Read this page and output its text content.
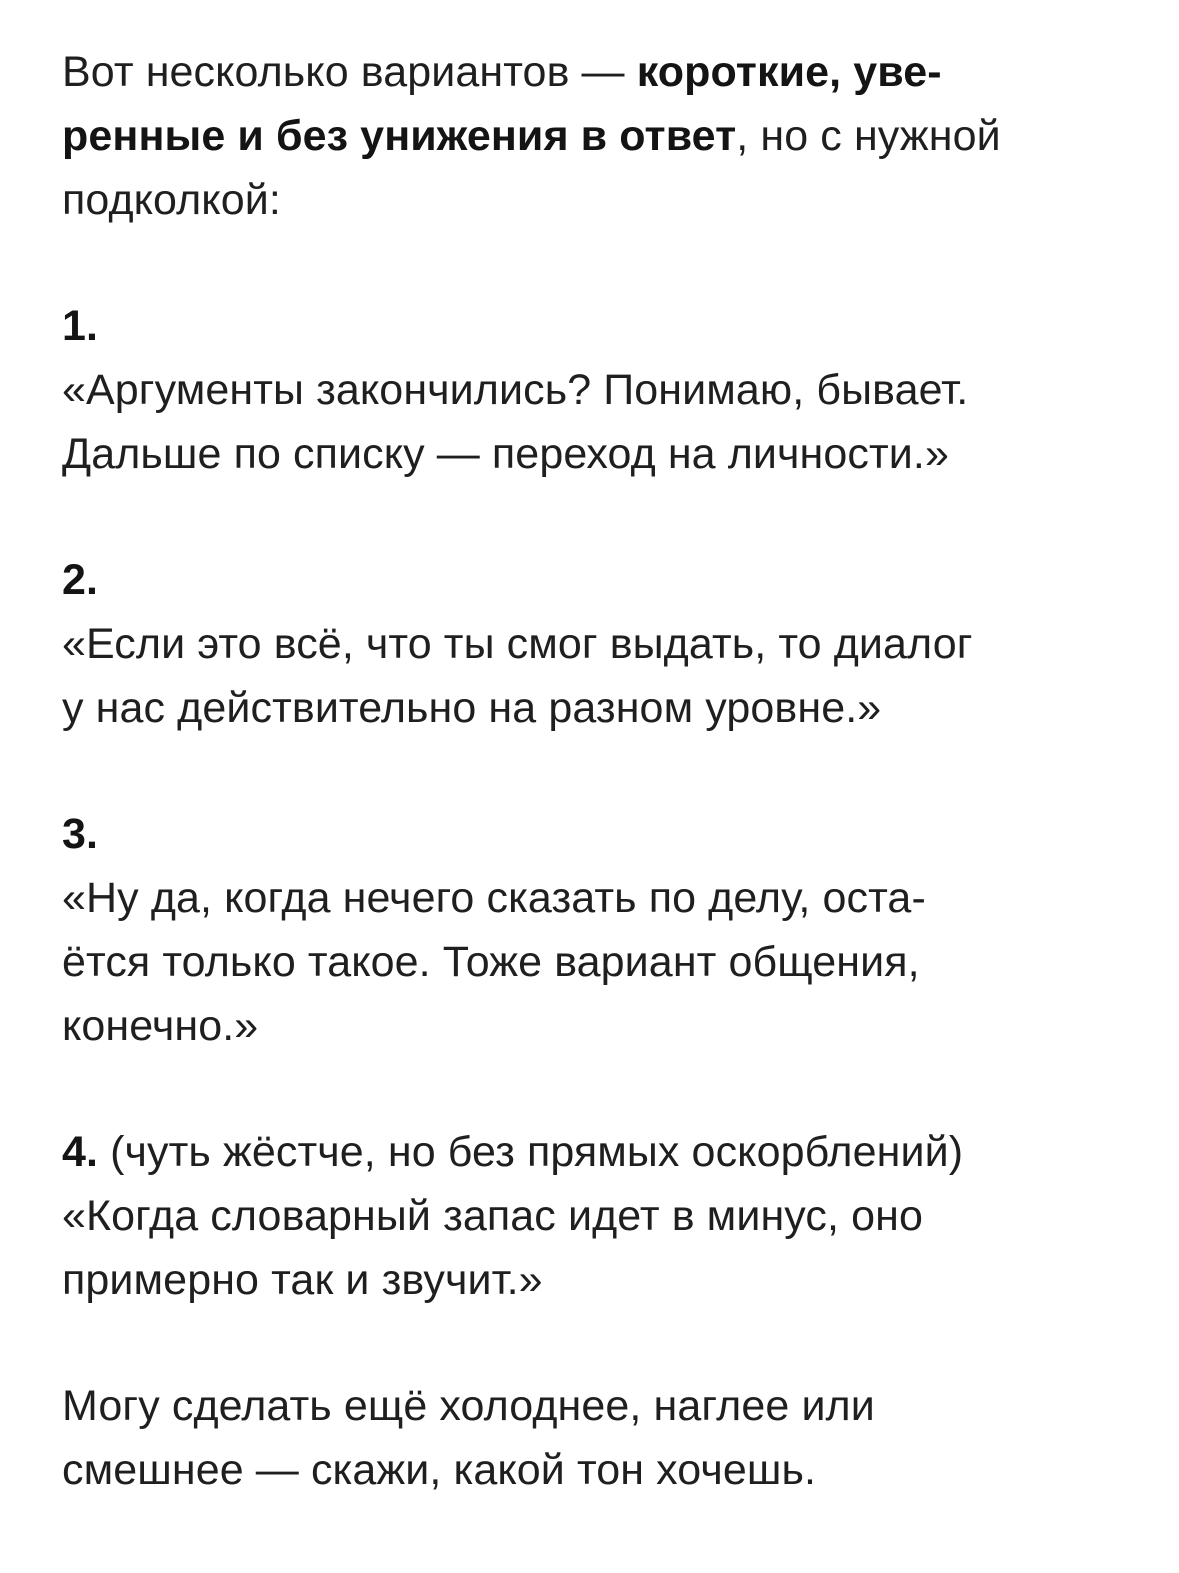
Вот несколько вариантов — короткие, уве-
ренные и без унижения в ответ, но с нужной
подколкой:
1.
«Аргументы закончились? Понимаю, бывает.
Дальше по списку — переход на личности.»
2.
«Если это всё, что ты смог выдать, то диалог
у нас действительно на разном уровне.»
3.
«Ну да, когда нечего сказать по делу, оста-
ётся только такое. Тоже вариант общения,
конечно.»
4. (чуть жёстче, но без прямых оскорблений)
«Когда словарный запас идет в минус, оно
примерно так и звучит.»
Могу сделать ещё холоднее, наглее или
смешнее — скажи, какой тон хочешь.
